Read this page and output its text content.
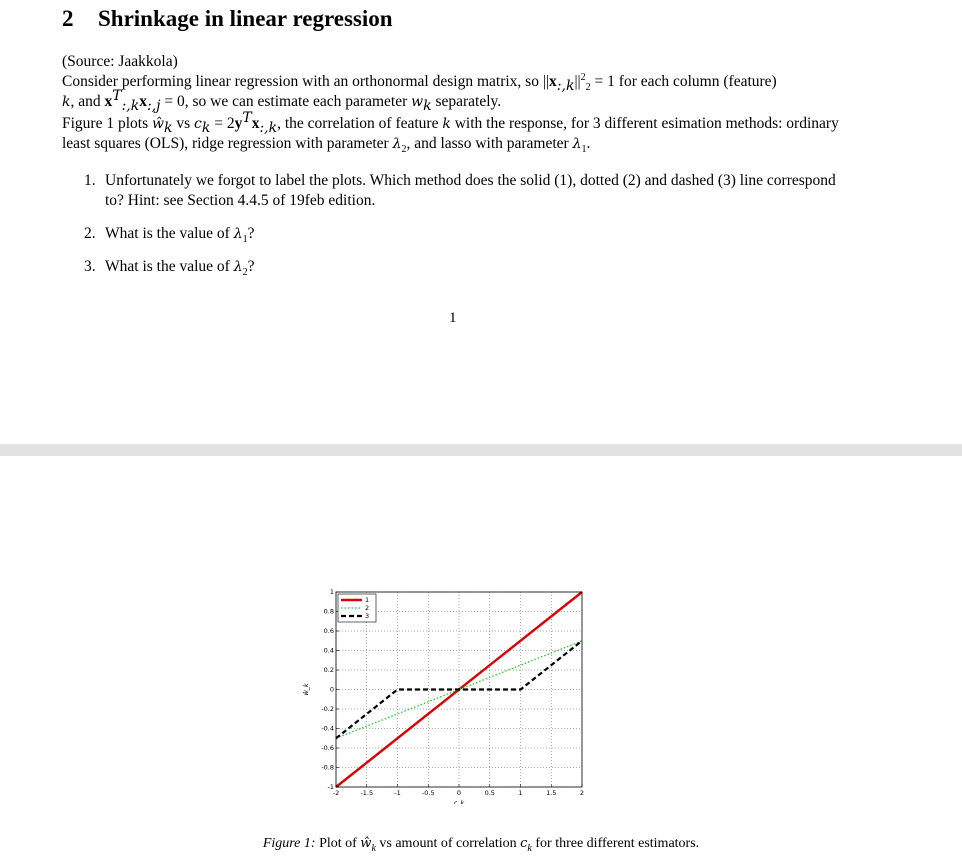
2 Shrinkage in linear regression

(Source: Jaakkola)

Consider performing linear regression with an orthonormal design matrix, so $||x_{:,k}||^2_2 = 1$ for each column (feature)
k, and $x^T_{:,k}x_{:,j} = 0$, so we can estimate each parameter $w_k$ separately.

Figure 1 plots $ŵ_k$ vs $c_k = 2y^Tx_{:,k}$, the correlation of feature k with the response, for 3 different esimation methods: ordinary least squares (OLS), ridge regression with parameter $\lambda_2$, and lasso with parameter $\lambda_1$.

1. Unfortunately we forgot to label the plots. Which method does the solid (1), dotted (2) and dashed (3) line correspond to? Hint: see Section 4.4.5 of 19feb edition.
2. What is the value of $\lambda_1$?
3. What is the value of $\lambda_2$?
1
-2	-1.5	-1	-0.5	0	0.5	1	1.5	2
-1
-0.8
-0.6
-0.4
-0.2
0
0.2
0.4
0.6
0.8
1
1
2
3
c_k
ŵ_k
Figure 1: Plot of $ŵ_k$ vs amount of correlation $c_k$ for three different estimators.
